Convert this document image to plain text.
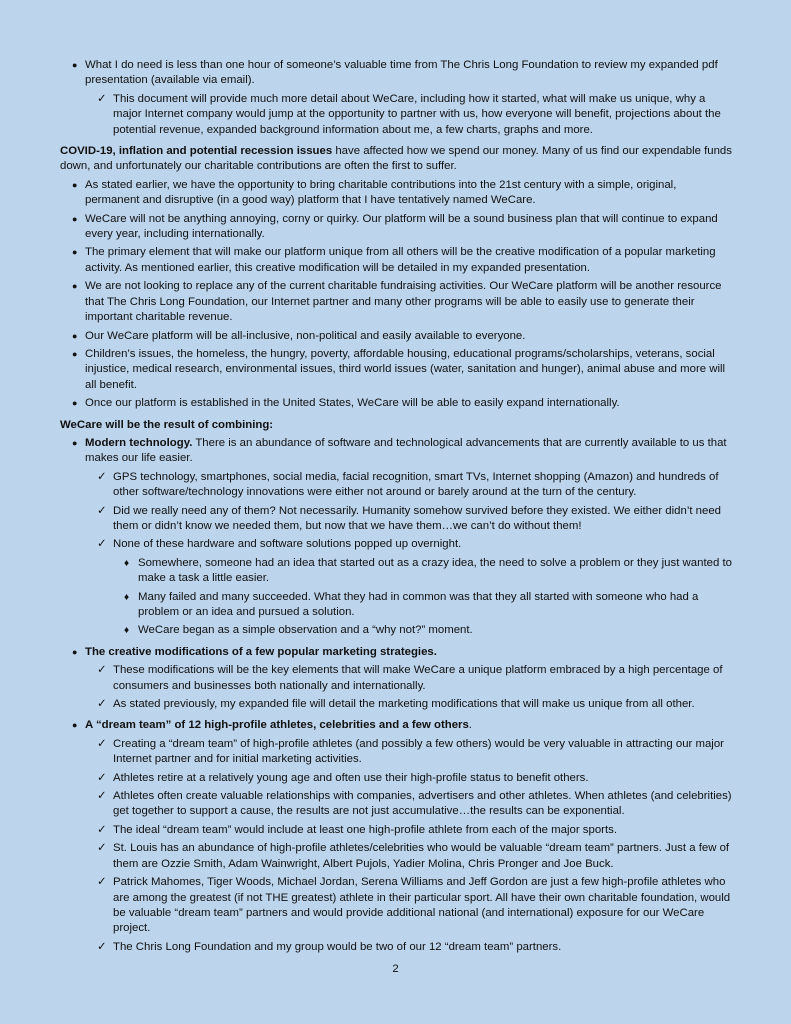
● What I do need is less than one hour of someone’s valuable time from The Chris Long Foundation to review my expanded pdf presentation (available via email).
✓ This document will provide much more detail about WeCare, including how it started, what will make us unique, why a major Internet company would jump at the opportunity to partner with us, how everyone will benefit, projections about the potential revenue, expanded background information about me, a few charts, graphs and more.

COVID-19, inflation and potential recession issues have affected how we spend our money. Many of us find our expendable funds down, and unfortunately our charitable contributions are often the first to suffer.

● As stated earlier, we have the opportunity to bring charitable contributions into the 21st century with a simple, original, permanent and disruptive (in a good way) platform that I have tentatively named WeCare.
● WeCare will not be anything annoying, corny or quirky. Our platform will be a sound business plan that will continue to expand every year, including internationally.
● The primary element that will make our platform unique from all others will be the creative modification of a popular marketing activity. As mentioned earlier, this creative modification will be detailed in my expanded presentation.
● We are not looking to replace any of the current charitable fundraising activities. Our WeCare platform will be another resource that The Chris Long Foundation, our Internet partner and many other programs will be able to easily use to generate their important charitable revenue.
● Our WeCare platform will be all-inclusive, non-political and easily available to everyone.
● Children’s issues, the homeless, the hungry, poverty, affordable housing, educational programs/scholarships, veterans, social injustice, medical research, environmental issues, third world issues (water, sanitation and hunger), animal abuse and more will all benefit.
● Once our platform is established in the United States, WeCare will be able to easily expand internationally.

WeCare will be the result of combining:

● Modern technology. There is an abundance of software and technological advancements that are currently available to us that makes our life easier.
✓ GPS technology, smartphones, social media, facial recognition, smart TVs, Internet shopping (Amazon) and hundreds of other software/technology innovations were either not around or barely around at the turn of the century.
✓ Did we really need any of them? Not necessarily. Humanity somehow survived before they existed. We either didn’t need them or didn’t know we needed them, but now that we have them…we can’t do without them!
✓ None of these hardware and software solutions popped up overnight.
♦ Somewhere, someone had an idea that started out as a crazy idea, the need to solve a problem or they just wanted to make a task a little easier.
♦ Many failed and many succeeded. What they had in common was that they all started with someone who had a problem or an idea and pursued a solution.
♦ WeCare began as a simple observation and a “why not?” moment.
● The creative modifications of a few popular marketing strategies.
✓ These modifications will be the key elements that will make WeCare a unique platform embraced by a high percentage of consumers and businesses both nationally and internationally.
✓ As stated previously, my expanded file will detail the marketing modifications that will make us unique from all other.
● A “dream team” of 12 high-profile athletes, celebrities and a few others.
✓ Creating a “dream team” of high-profile athletes (and possibly a few others) would be very valuable in attracting our major Internet partner and for initial marketing activities.
✓ Athletes retire at a relatively young age and often use their high-profile status to benefit others.
✓ Athletes often create valuable relationships with companies, advertisers and other athletes. When athletes (and celebrities) get together to support a cause, the results are not just accumulative…the results can be exponential.
✓ The ideal “dream team” would include at least one high-profile athlete from each of the major sports.
✓ St. Louis has an abundance of high-profile athletes/celebrities who would be valuable “dream team” partners. Just a few of them are Ozzie Smith, Adam Wainwright, Albert Pujols, Yadier Molina, Chris Pronger and Joe Buck.
✓ Patrick Mahomes, Tiger Woods, Michael Jordan, Serena Williams and Jeff Gordon are just a few high-profile athletes who are among the greatest (if not THE greatest) athlete in their particular sport. All have their own charitable foundation, would be valuable “dream team” partners and would provide additional national (and international) exposure for our WeCare project.
✓ The Chris Long Foundation and my group would be two of our 12 “dream team” partners.
2
